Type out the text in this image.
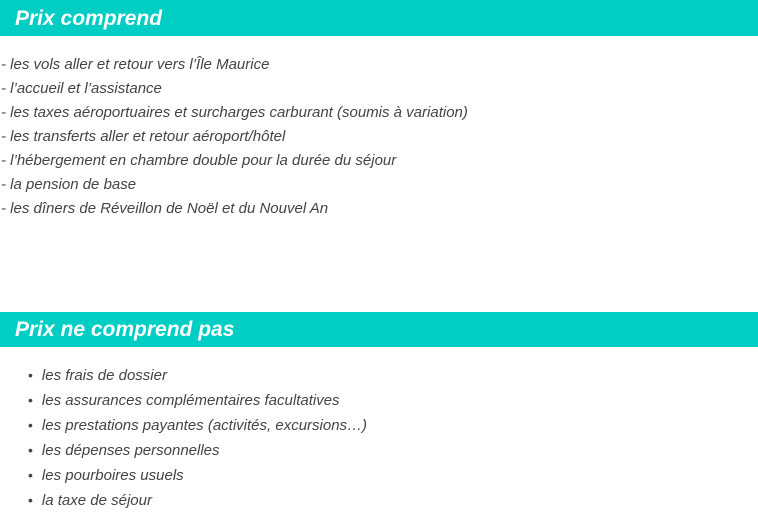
Prix comprend

- les vols aller et retour vers l’Île Maurice

- l’accueil et l’assistance

- les taxes aéroportuaires et surcharges carburant (soumis à variation)

- les transferts aller et retour aéroport/hôtel

- l’hébergement en chambre double pour la durée du séjour

- la pension de base

- les dîners de Réveillon de Noël et du Nouvel An

Prix ne comprend pas
• les frais de dossier
• les assurances complémentaires facultatives
• les prestations payantes (activités, excursions…)
• les dépenses personnelles
• les pourboires usuels
• la taxe de séjour
